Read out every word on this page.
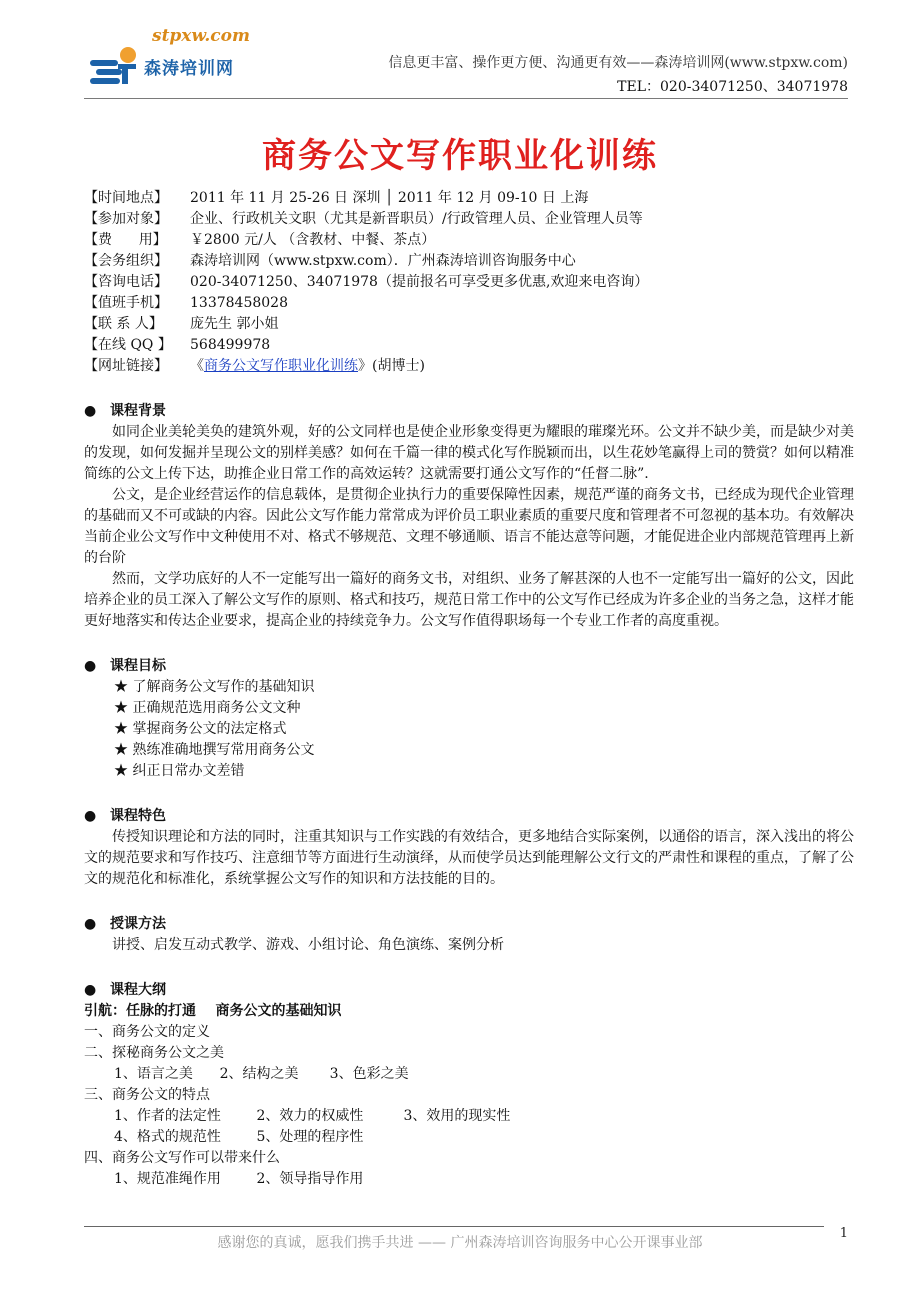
stpxw.com
森涛培训网	信息更丰富、操作更方便、沟通更有效——森涛培训网(www.stpxw.com)
TEL：020-34071250、34071978
商务公文写作职业化训练
【时间地点】	2011 年 11 月 25-26 日 深圳 │ 2011 年 12 月 09-10 日 上海
【参加对象】	企业、行政机关文职（尤其是新晋职员）/行政管理人员、企业管理人员等
【费      用】	￥2800 元/人 （含教材、中餐、茶点）
【会务组织】	森涛培训网（www.stpxw.com）．广州森涛培训咨询服务中心
【咨询电话】	020-34071250、34071978（提前报名可享受更多优惠,欢迎来电咨询）
【值班手机】	13378458028
【联 系 人】	庞先生 郭小姐
【在线 QQ 】	568499978
【网址链接】	《商务公文写作职业化训练》(胡博士)
● 课程背景
如同企业美轮美奂的建筑外观，好的公文同样也是使企业形象变得更为耀眼的璀璨光环。公文并不缺少美，而是缺少对美的发现，如何发掘并呈现公文的别样美感？如何在千篇一律的模式化写作脱颖而出，以生花妙笔赢得上司的赞赏？如何以精准简练的公文上传下达，助推企业日常工作的高效运转？这就需要打通公文写作的“任督二脉”.
公文，是企业经营运作的信息载体，是贯彻企业执行力的重要保障性因素，规范严谨的商务文书，已经成为现代企业管理的基础而又不可或缺的内容。因此公文写作能力常常成为评价员工职业素质的重要尺度和管理者不可忽视的基本功。有效解决当前企业公文写作中文种使用不对、格式不够规范、文理不够通顺、语言不能达意等问题，才能促进企业内部规范管理再上新的台阶
然而，文学功底好的人不一定能写出一篇好的商务文书，对组织、业务了解甚深的人也不一定能写出一篇好的公文，因此培养企业的员工深入了解公文写作的原则、格式和技巧，规范日常工作中的公文写作已经成为许多企业的当务之急，这样才能更好地落实和传达企业要求，提高企业的持续竞争力。公文写作值得职场每一个专业工作者的高度重视。
● 课程目标
★ 了解商务公文写作的基础知识
★ 正确规范选用商务公文文种
★ 掌握商务公文的法定格式
★ 熟练准确地撰写常用商务公文
★ 纠正日常办文差错
● 课程特色
传授知识理论和方法的同时，注重其知识与工作实践的有效结合，更多地结合实际案例，以通俗的语言，深入浅出的将公文的规范要求和写作技巧、注意细节等方面进行生动演绎，从而使学员达到能理解公文行文的严肃性和课程的重点，了解了公文的规范化和标准化，系统掌握公文写作的知识和方法技能的目的。
● 授课方法
讲授、启发互动式教学、游戏、小组讨论、角色演练、案例分析
● 课程大纲
引航：任脉的打通    商务公文的基础知识
一、商务公文的定义
二、探秘商务公文之美
1、语言之美      2、结构之美       3、色彩之美
三、商务公文的特点
1、作者的法定性        2、效力的权威性         3、效用的现实性
4、格式的规范性        5、处理的程序性
四、商务公文写作可以带来什么
1、规范准绳作用        2、领导指导作用
感谢您的真诚，愿我们携手共进 —— 广州森涛培训咨询服务中心公开课事业部
1
